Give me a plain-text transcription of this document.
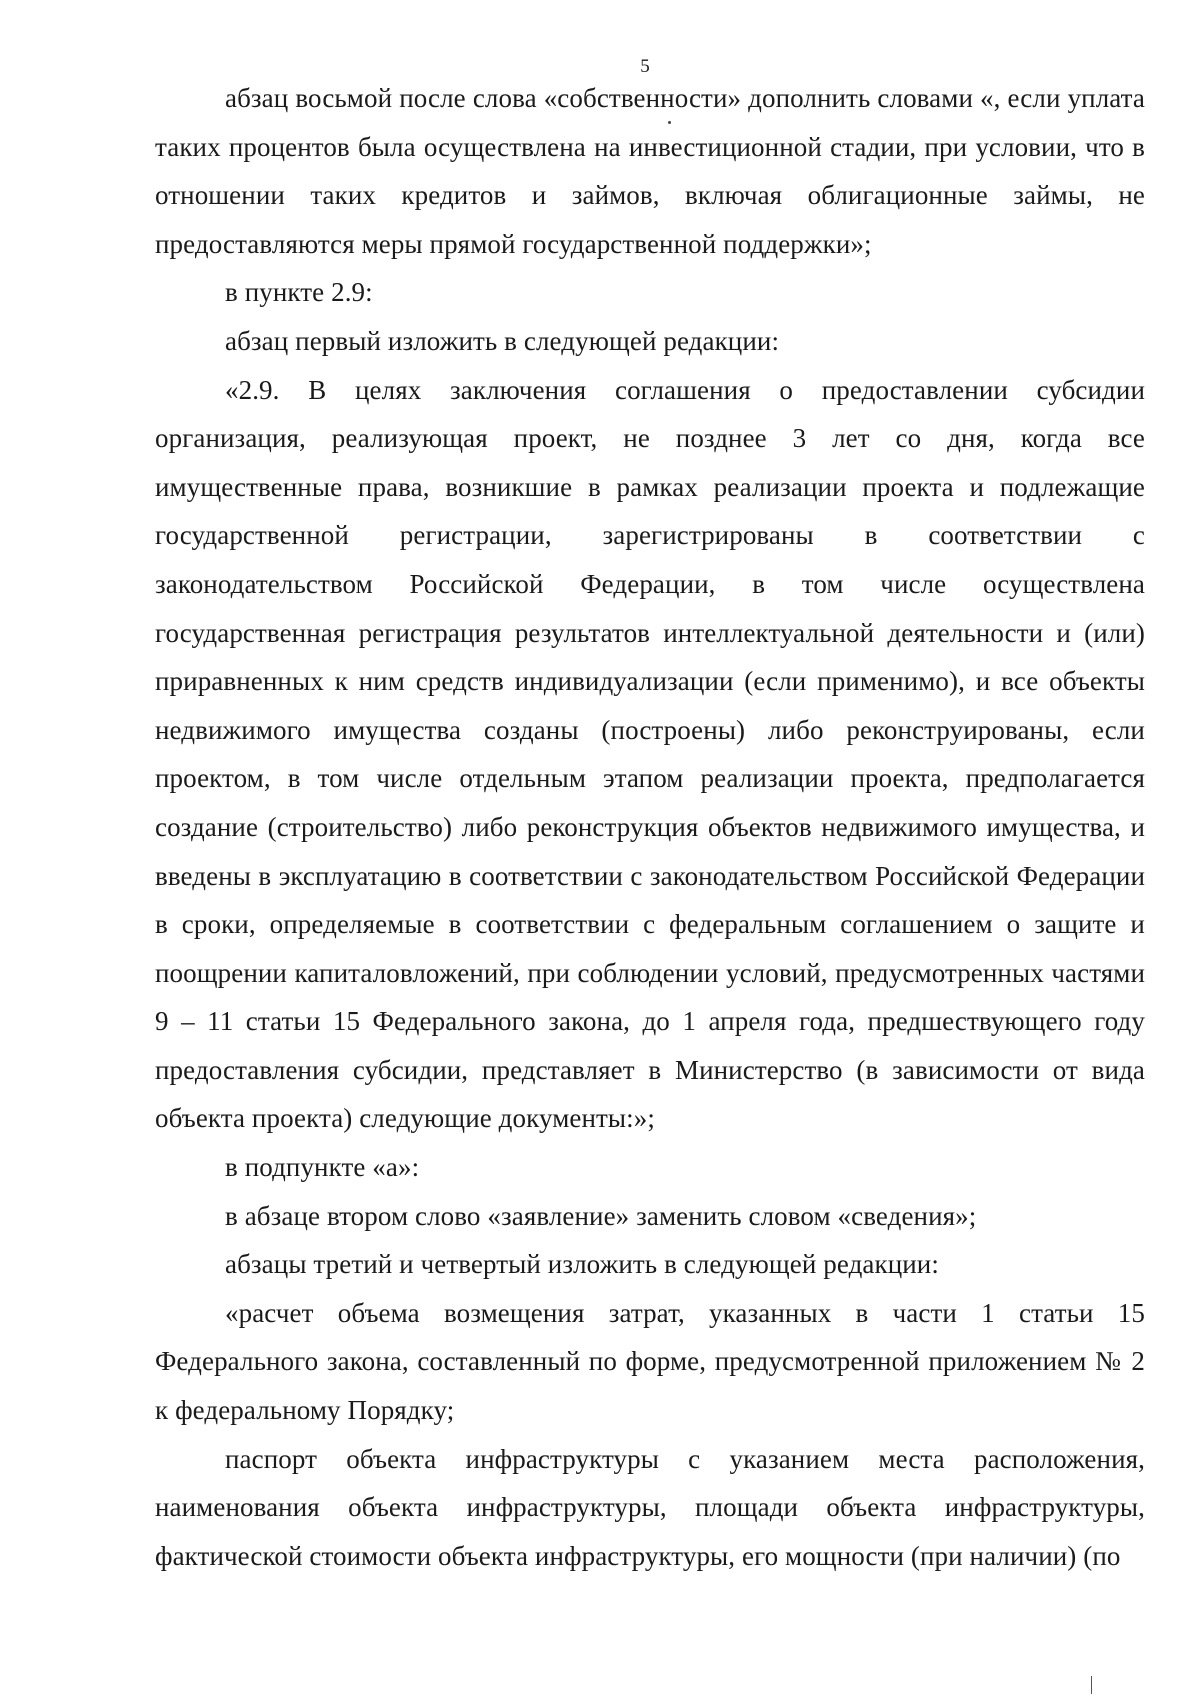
5

абзац восьмой после слова «собственности» дополнить словами «, если уплата таких процентов была осуществлена на инвестиционной стадии, при условии, что в отношении таких кредитов и займов, включая облигационные займы, не предоставляются меры прямой государственной поддержки»;

в пункте 2.9:

абзац первый изложить в следующей редакции:

«2.9. В целях заключения соглашения о предоставлении субсидии организация, реализующая проект, не позднее 3 лет со дня, когда все имущественные права, возникшие в рамках реализации проекта и подлежащие государственной регистрации, зарегистрированы в соответствии с законодательством Российской Федерации, в том числе осуществлена государственная регистрация результатов интеллектуальной деятельности и (или) приравненных к ним средств индивидуализации (если применимо), и все объекты недвижимого имущества созданы (построены) либо реконструированы, если проектом, в том числе отдельным этапом реализации проекта, предполагается создание (строительство) либо реконструкция объектов недвижимого имущества, и введены в эксплуатацию в соответствии с законодательством Российской Федерации в сроки, определяемые в соответствии с федеральным соглашением о защите и поощрении капиталовложений, при соблюдении условий, предусмотренных частями 9 – 11 статьи 15 Федерального закона, до 1 апреля года, предшествующего году предоставления субсидии, представляет в Министерство (в зависимости от вида объекта проекта) следующие документы:»;

в подпункте «а»:

в абзаце втором слово «заявление» заменить словом «сведения»;

абзацы третий и четвертый изложить в следующей редакции:

«расчет объема возмещения затрат, указанных в части 1 статьи 15 Федерального закона, составленный по форме, предусмотренной приложением № 2 к федеральному Порядку;

паспорт объекта инфраструктуры с указанием места расположения, наименования объекта инфраструктуры, площади объекта инфраструктуры, фактической стоимости объекта инфраструктуры, его мощности (при наличии) (по
